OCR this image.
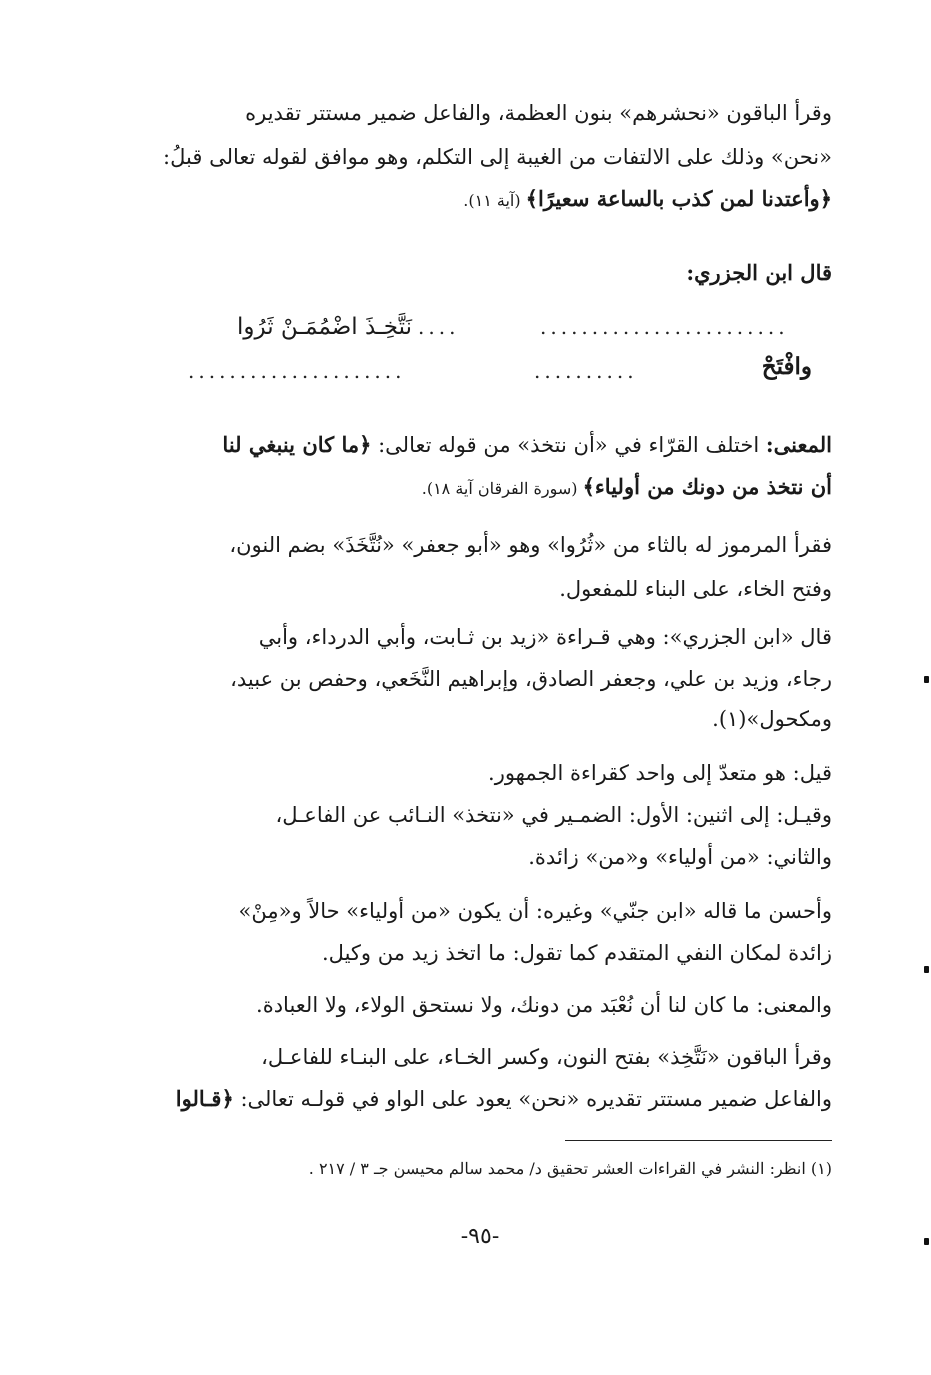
وقرأ الباقون «نحشرهم» بنون العظمة، والفاعل ضمير مستتر تقديره
«نحن» وذلك على الالتفات من الغيبة إلى التكلم، وهو موافق لقوله تعالى قبلُ:
﴿وأعتدنا لمن كذب بالساعة سعيرًا﴾ (آية ١١).
قال ابن الجزري:
........................
....
نَتَّخِـذَ اضْمُمَـنْ ثَرُوا
وافْتَحْ
..........
.....................
المعنى: اختلف القرّاء في «أن نتخذ» من قوله تعالى: ﴿ما كان ينبغي لنا
أن نتخذ من دونك من أولياء﴾ (سورة الفرقان آية ١٨).
فقرأ المرموز له بالثاء من «ثُرُوا» وهو «أبو جعفر» «نُتَّخَذَ» بضم النون،
وفتح الخاء، على البناء للمفعول.
قال «ابن الجزري»: وهي قـراءة «زيد بن ثـابت، وأبي الدرداء، وأبي
رجاء، وزيد بن علي، وجعفر الصادق، وإبراهيم النَّخَعي، وحفص بن عبيد،
ومكحول»(١).
قيل: هو متعدّ إلى واحد كقراءة الجمهور.
وقيـل: إلى اثنين: الأول: الضمـير في «نتخذ» النـائب عن الفاعـل،
والثاني: «من أولياء» و«من» زائدة.
وأحسن ما قاله «ابن جنّي» وغيره: أن يكون «من أولياء» حالاً و«مِنْ»
زائدة لمكان النفي المتقدم كما تقول: ما اتخذ زيد من وكيل.
والمعنى: ما كان لنا أن نُعْبَد من دونك، ولا نستحق الولاء، ولا العبادة.
وقرأ الباقون «نَتَّخِذ» بفتح النون، وكسر الخـاء، على البنـاء للفاعـل،
والفاعل ضمير مستتر تقديره «نحن» يعود على الواو في قولـه تعالى: ﴿قـالوا
(١) انظر: النشر في القراءات العشر تحقيق د/ محمد سالم محيسن جـ ٣ / ٢١٧ .
-٩٥-
